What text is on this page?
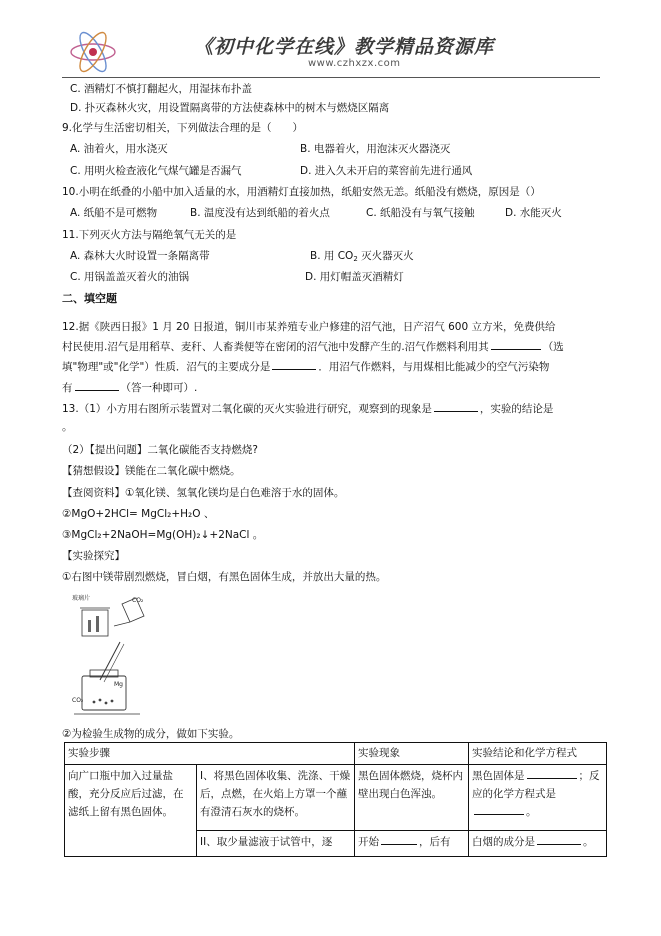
《初中化学在线》教学精品资源库
www.czhxzx.com
C. 酒精灯不慎打翻起火，用湿抹布扑盖
D. 扑灭森林火灾，用设置隔离带的方法使森林中的树木与燃烧区隔离
9.化学与生活密切相关，下列做法合理的是（　　）
A. 油着火，用水浇灭	B. 电器着火，用泡沫灭火器浇灭
C. 用明火检查液化气煤气罐是否漏气	D. 进入久未开启的菜窖前先进行通风
10.小明在纸叠的小船中加入适量的水，用酒精灯直接加热，纸船安然无恙。纸船没有燃烧，原因是（）
A. 纸船不是可燃物	B. 温度没有达到纸船的着火点	C. 纸船没有与氧气接触	D. 水能灭火
11.下列灭火方法与隔绝氧气无关的是
A. 森林大火时设置一条隔离带	B. 用 $CO_2$ 灭火器灭火
C. 用锅盖盖灭着火的油锅	D. 用灯帽盖灭酒精灯
二、填空题
12.据《陕西日报》1 月 20 日报道，铜川市某养殖专业户修建的沼气池，日产沼气 600 立方米，免费供给
村民使用.沼气是用稻草、麦秆、人畜粪便等在密闭的沼气池中发酵产生的.沼气作燃料利用其	（选
填"物理"或"化学"）性质．沼气的主要成分是	．用沼气作燃料，与用煤相比能减少的空气污染物
有	（答一种即可）.
13.（1）小方用右图所示装置对二氧化碳的灭火实验进行研究，观察到的现象是	，实验的结论是
。
（2）【提出问题】二氧化碳能否支持燃烧?
【猜想假设】镁能在二氧化碳中燃烧。
【查阅资料】①氧化镁、氢氧化镁均是白色难溶于水的固体。
②MgO+2HCl= MgCl₂+H₂O 、
③MgCl₂+2NaOH=Mg(OH)₂↓+2NaCl 。
【实验探究】
①右图中镁带剧烈燃烧，冒白烟，有黑色固体生成，并放出大量的热。
玻璃片	CO₂
Mg
CO₂
②为检验生成物的成分，做如下实验。
实验步骤		实验现象	实验结论和化学方程式
向广口瓶中加入过量盐酸，充分反应后过滤，在滤纸上留有黑色固体。	I、将黑色固体收集、洗涤、干燥后，点燃，在火焰上方罩一个蘸有澄清石灰水的烧杯。	黑色固体燃烧，烧杯内壁出现白色浑浊。	黑色固体是 ；反应的化学方程式是
。
	II、取少量滤液于试管中，逐	开始 ，后有	白烟的成分是 。
